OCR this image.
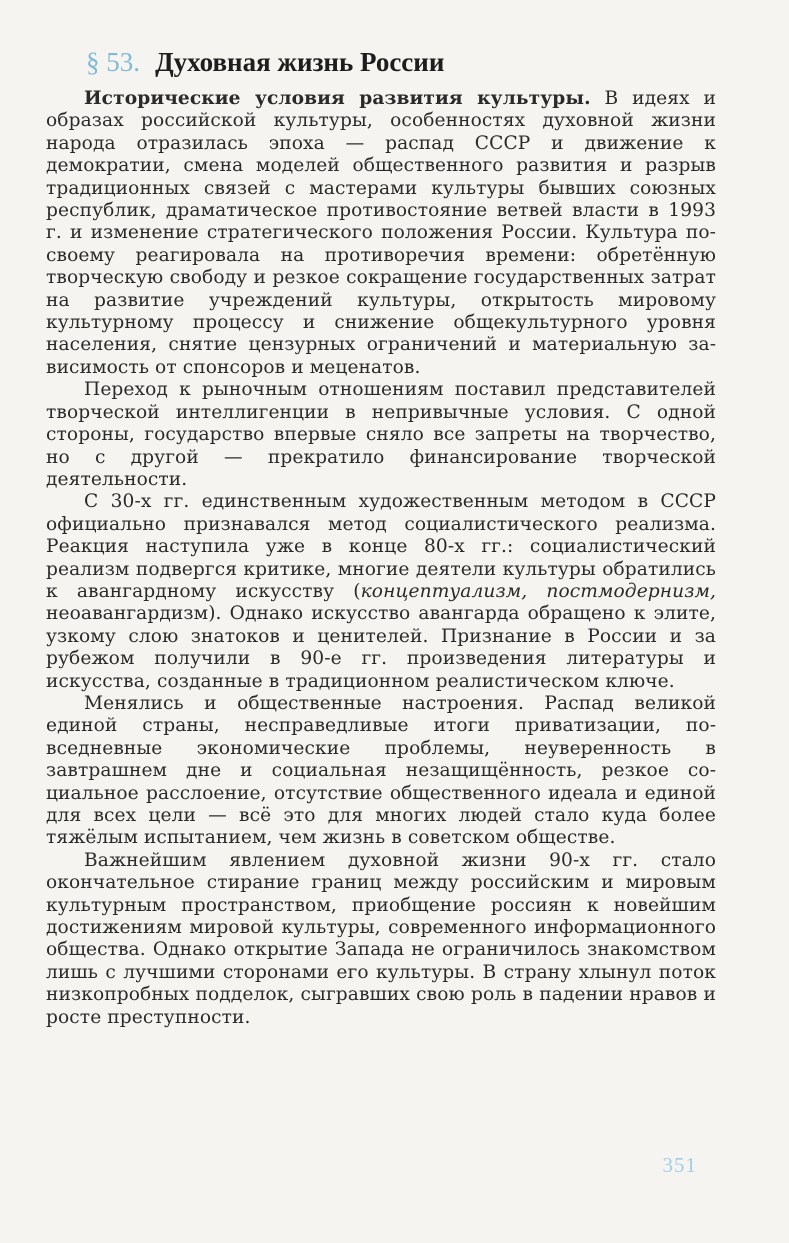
§ 53. Духовная жизнь России

Исторические условия развития культуры. В идеях и образах российской культуры, особенностях духовной жизни народа отразилась эпоха — распад СССР и движение к демократии, смена моделей общественного развития и разрыв традиционных связей с мастерами культуры бывших союзных республик, драматическое противостояние ветвей власти в 1993 г. и изменение стратегического положения России. Культура по-своему реагировала на противоречия времени: обретённую творческую свободу и резкое сокращение государственных затрат на развитие учреждений культуры, открытость мировому культурному процессу и снижение общекультурного уровня населения, снятие цензурных ограничений и материальную зависимость от спонсоров и меценатов.

Переход к рыночным отношениям поставил представителей творческой интеллигенции в непривычные условия. С одной стороны, государство впервые сняло все запреты на творчество, но с другой — прекратило финансирование творческой деятельности.

С 30-х гг. единственным художественным методом в СССР официально признавался метод социалистического реализма. Реакция наступила уже в конце 80-х гг.: социалистический реализм подвергся критике, многие деятели культуры обратились к авангардному искусству (концептуализм, постмодернизм, неоавангардизм). Однако искусство авангарда обращено к элите, узкому слою знатоков и ценителей. Признание в России и за рубежом получили в 90-е гг. произведения литературы и искусства, созданные в традиционном реалистическом ключе.

Менялись и общественные настроения. Распад великой единой страны, несправедливые итоги приватизации, повседневные экономические проблемы, неуверенность в завтрашнем дне и социальная незащищённость, резкое социальное расслоение, отсутствие общественного идеала и единой для всех цели — всё это для многих людей стало куда более тяжёлым испытанием, чем жизнь в советском обществе.

Важнейшим явлением духовной жизни 90-х гг. стало окончательное стирание границ между российским и мировым культурным пространством, приобщение россиян к новейшим достижениям мировой культуры, современного информационного общества. Однако открытие Запада не ограничилось знакомством лишь с лучшими сторонами его культуры. В страну хлынул поток низкопробных подделок, сыгравших свою роль в падении нравов и росте преступности.

351
